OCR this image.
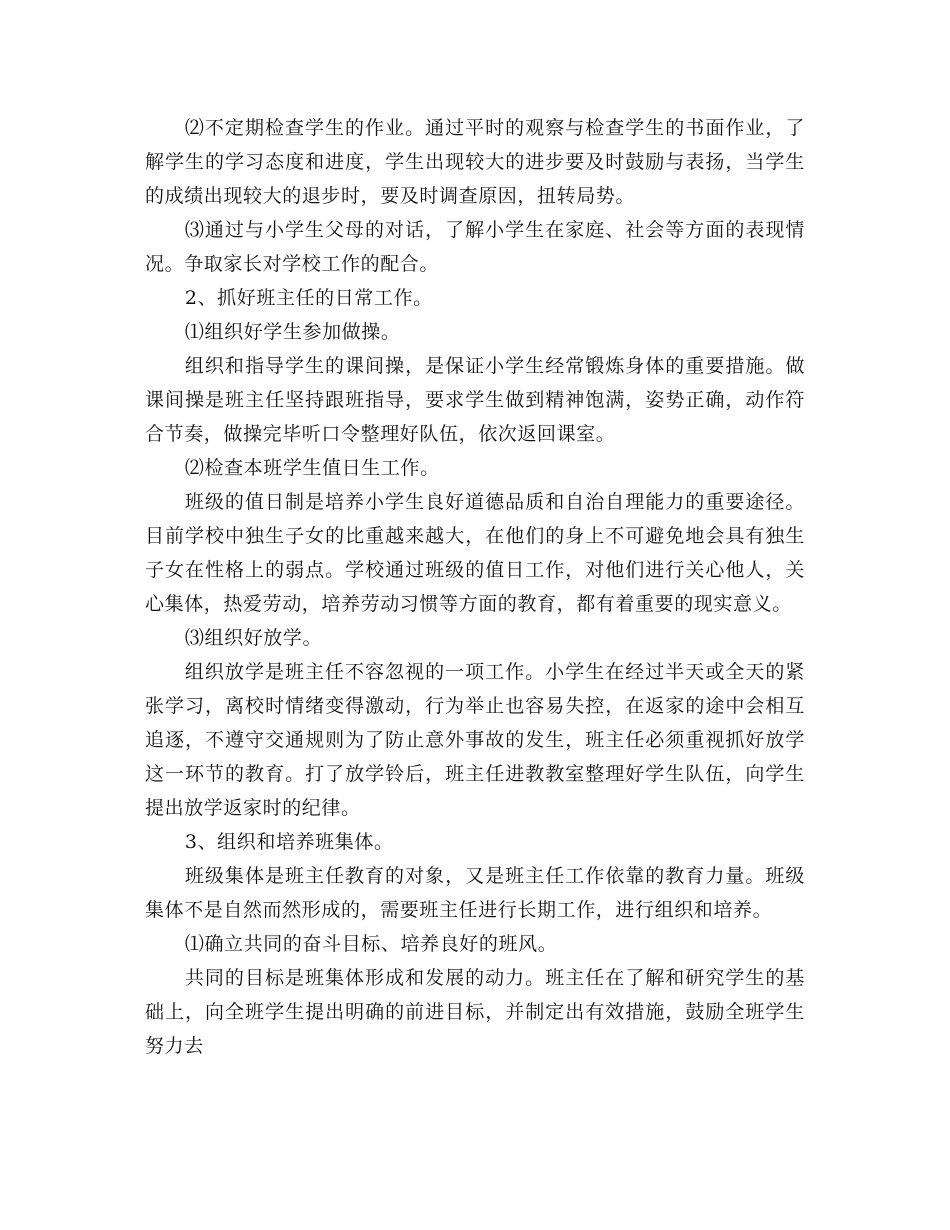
⑵不定期检查学生的作业。通过平时的观察与检查学生的书面作业，了解学生的学习态度和进度，学生出现较大的进步要及时鼓励与表扬，当学生的成绩出现较大的退步时，要及时调查原因，扭转局势。

⑶通过与小学生父母的对话，了解小学生在家庭、社会等方面的表现情况。争取家长对学校工作的配合。

2、抓好班主任的日常工作。

⑴组织好学生参加做操。

组织和指导学生的课间操，是保证小学生经常锻炼身体的重要措施。做课间操是班主任坚持跟班指导，要求学生做到精神饱满，姿势正确，动作符合节奏，做操完毕听口令整理好队伍，依次返回课室。

⑵检查本班学生值日生工作。

班级的值日制是培养小学生良好道德品质和自治自理能力的重要途径。目前学校中独生子女的比重越来越大，在他们的身上不可避免地会具有独生子女在性格上的弱点。学校通过班级的值日工作，对他们进行关心他人，关心集体，热爱劳动，培养劳动习惯等方面的教育，都有着重要的现实意义。

⑶组织好放学。

组织放学是班主任不容忽视的一项工作。小学生在经过半天或全天的紧张学习，离校时情绪变得激动，行为举止也容易失控，在返家的途中会相互追逐，不遵守交通规则为了防止意外事故的发生，班主任必须重视抓好放学这一环节的教育。打了放学铃后，班主任进教教室整理好学生队伍，向学生提出放学返家时的纪律。

3、组织和培养班集体。

班级集体是班主任教育的对象，又是班主任工作依靠的教育力量。班级集体不是自然而然形成的，需要班主任进行长期工作，进行组织和培养。

⑴确立共同的奋斗目标、培养良好的班风。

共同的目标是班集体形成和发展的动力。班主任在了解和研究学生的基础上，向全班学生提出明确的前进目标，并制定出有效措施，鼓励全班学生努力去
